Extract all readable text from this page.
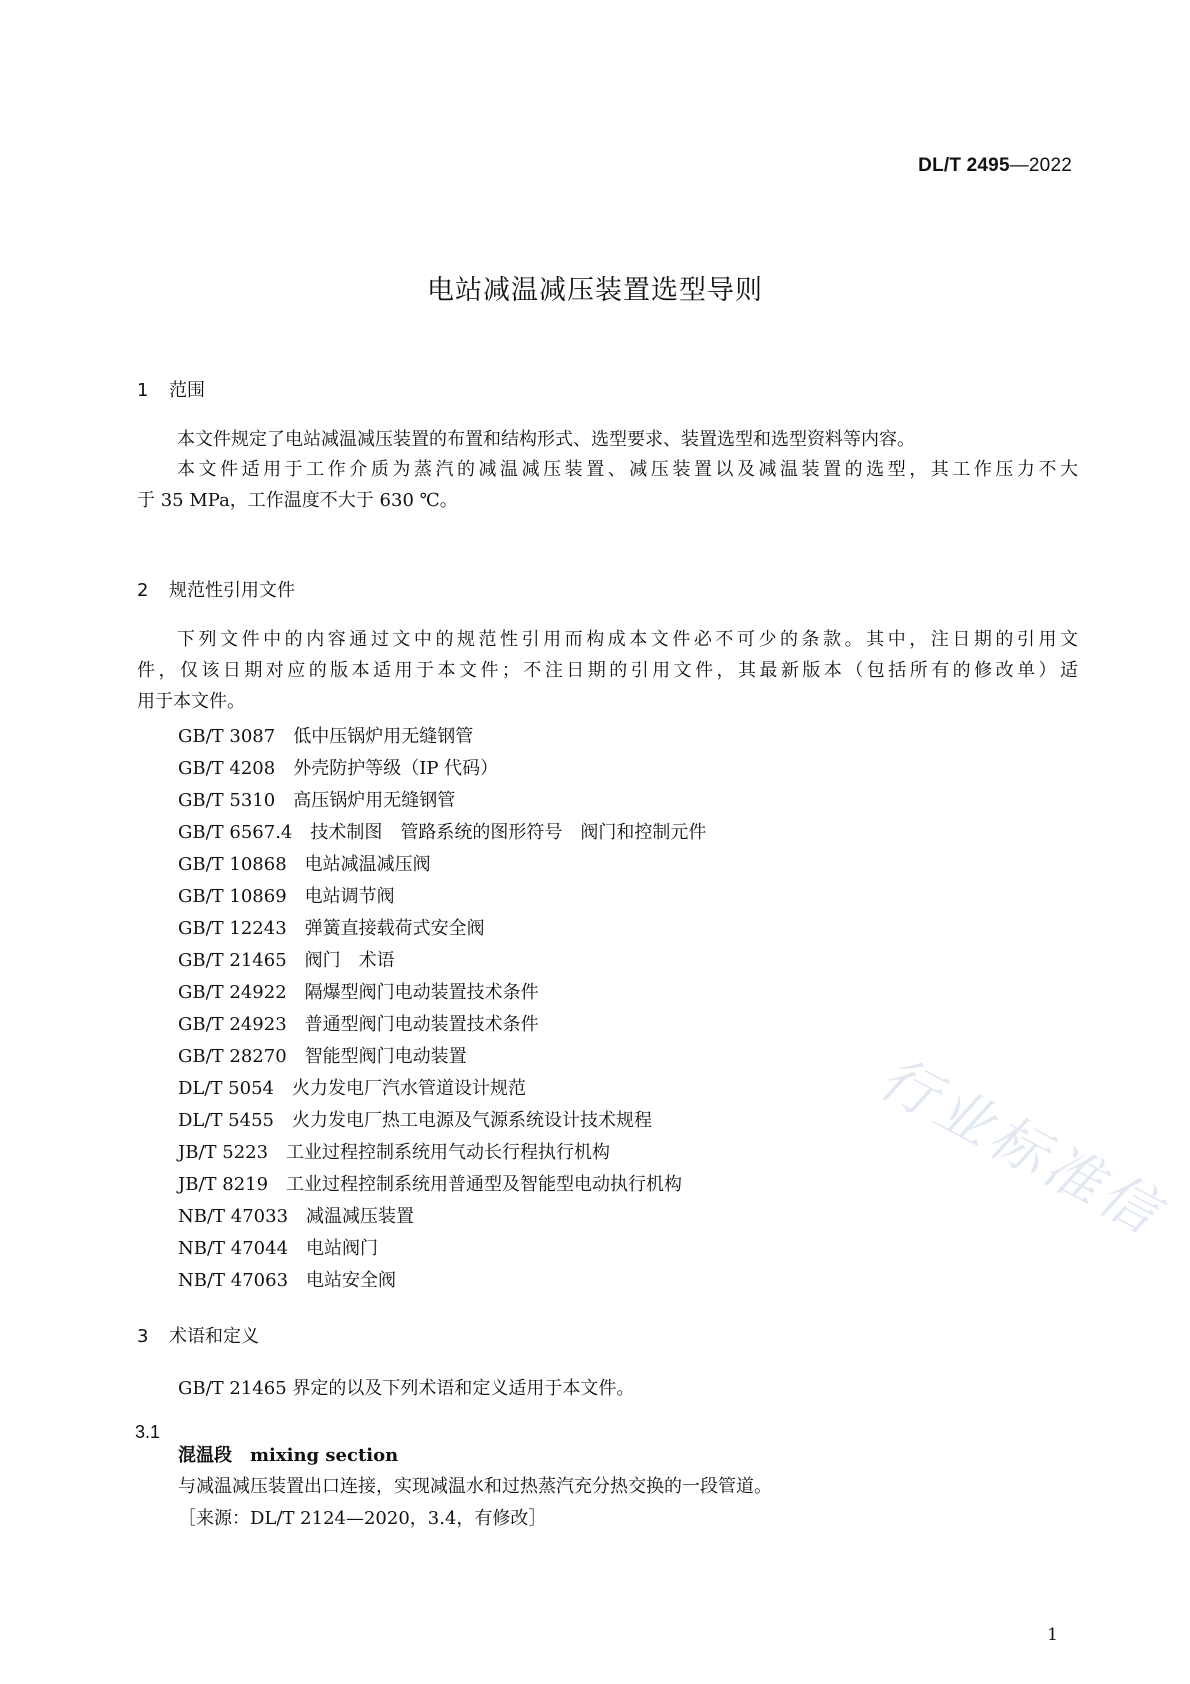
DL/T 2495—2022
电站减温减压装置选型导则
1 范围
本文件规定了电站减温减压装置的布置和结构形式、选型要求、装置选型和选型资料等内容。
本文件适用于工作介质为蒸汽的减温减压装置、减压装置以及减温装置的选型，其工作压力不大
于 35 MPa，工作温度不大于 630 ℃。
2 规范性引用文件
下列文件中的内容通过文中的规范性引用而构成本文件必不可少的条款。其中，注日期的引用文
件，仅该日期对应的版本适用于本文件；不注日期的引用文件，其最新版本（包括所有的修改单）适
用于本文件。
GB/T 3087 低中压锅炉用无缝钢管
GB/T 4208 外壳防护等级（IP 代码）
GB/T 5310 高压锅炉用无缝钢管
GB/T 6567.4 技术制图　管路系统的图形符号　阀门和控制元件
GB/T 10868 电站减温减压阀
GB/T 10869 电站调节阀
GB/T 12243 弹簧直接载荷式安全阀
GB/T 21465 阀门　术语
GB/T 24922 隔爆型阀门电动装置技术条件
GB/T 24923 普通型阀门电动装置技术条件
GB/T 28270 智能型阀门电动装置
DL/T 5054 火力发电厂汽水管道设计规范
DL/T 5455 火力发电厂热工电源及气源系统设计技术规程
JB/T 5223 工业过程控制系统用气动长行程执行机构
JB/T 8219 工业过程控制系统用普通型及智能型电动执行机构
NB/T 47033 减温减压装置
NB/T 47044 电站阀门
NB/T 47063 电站安全阀
3 术语和定义
GB/T 21465 界定的以及下列术语和定义适用于本文件。
3.1
混温段 mixing section
与减温减压装置出口连接，实现减温水和过热蒸汽充分热交换的一段管道。
［来源：DL/T 2124—2020，3.4，有修改］
1
行业标准信
